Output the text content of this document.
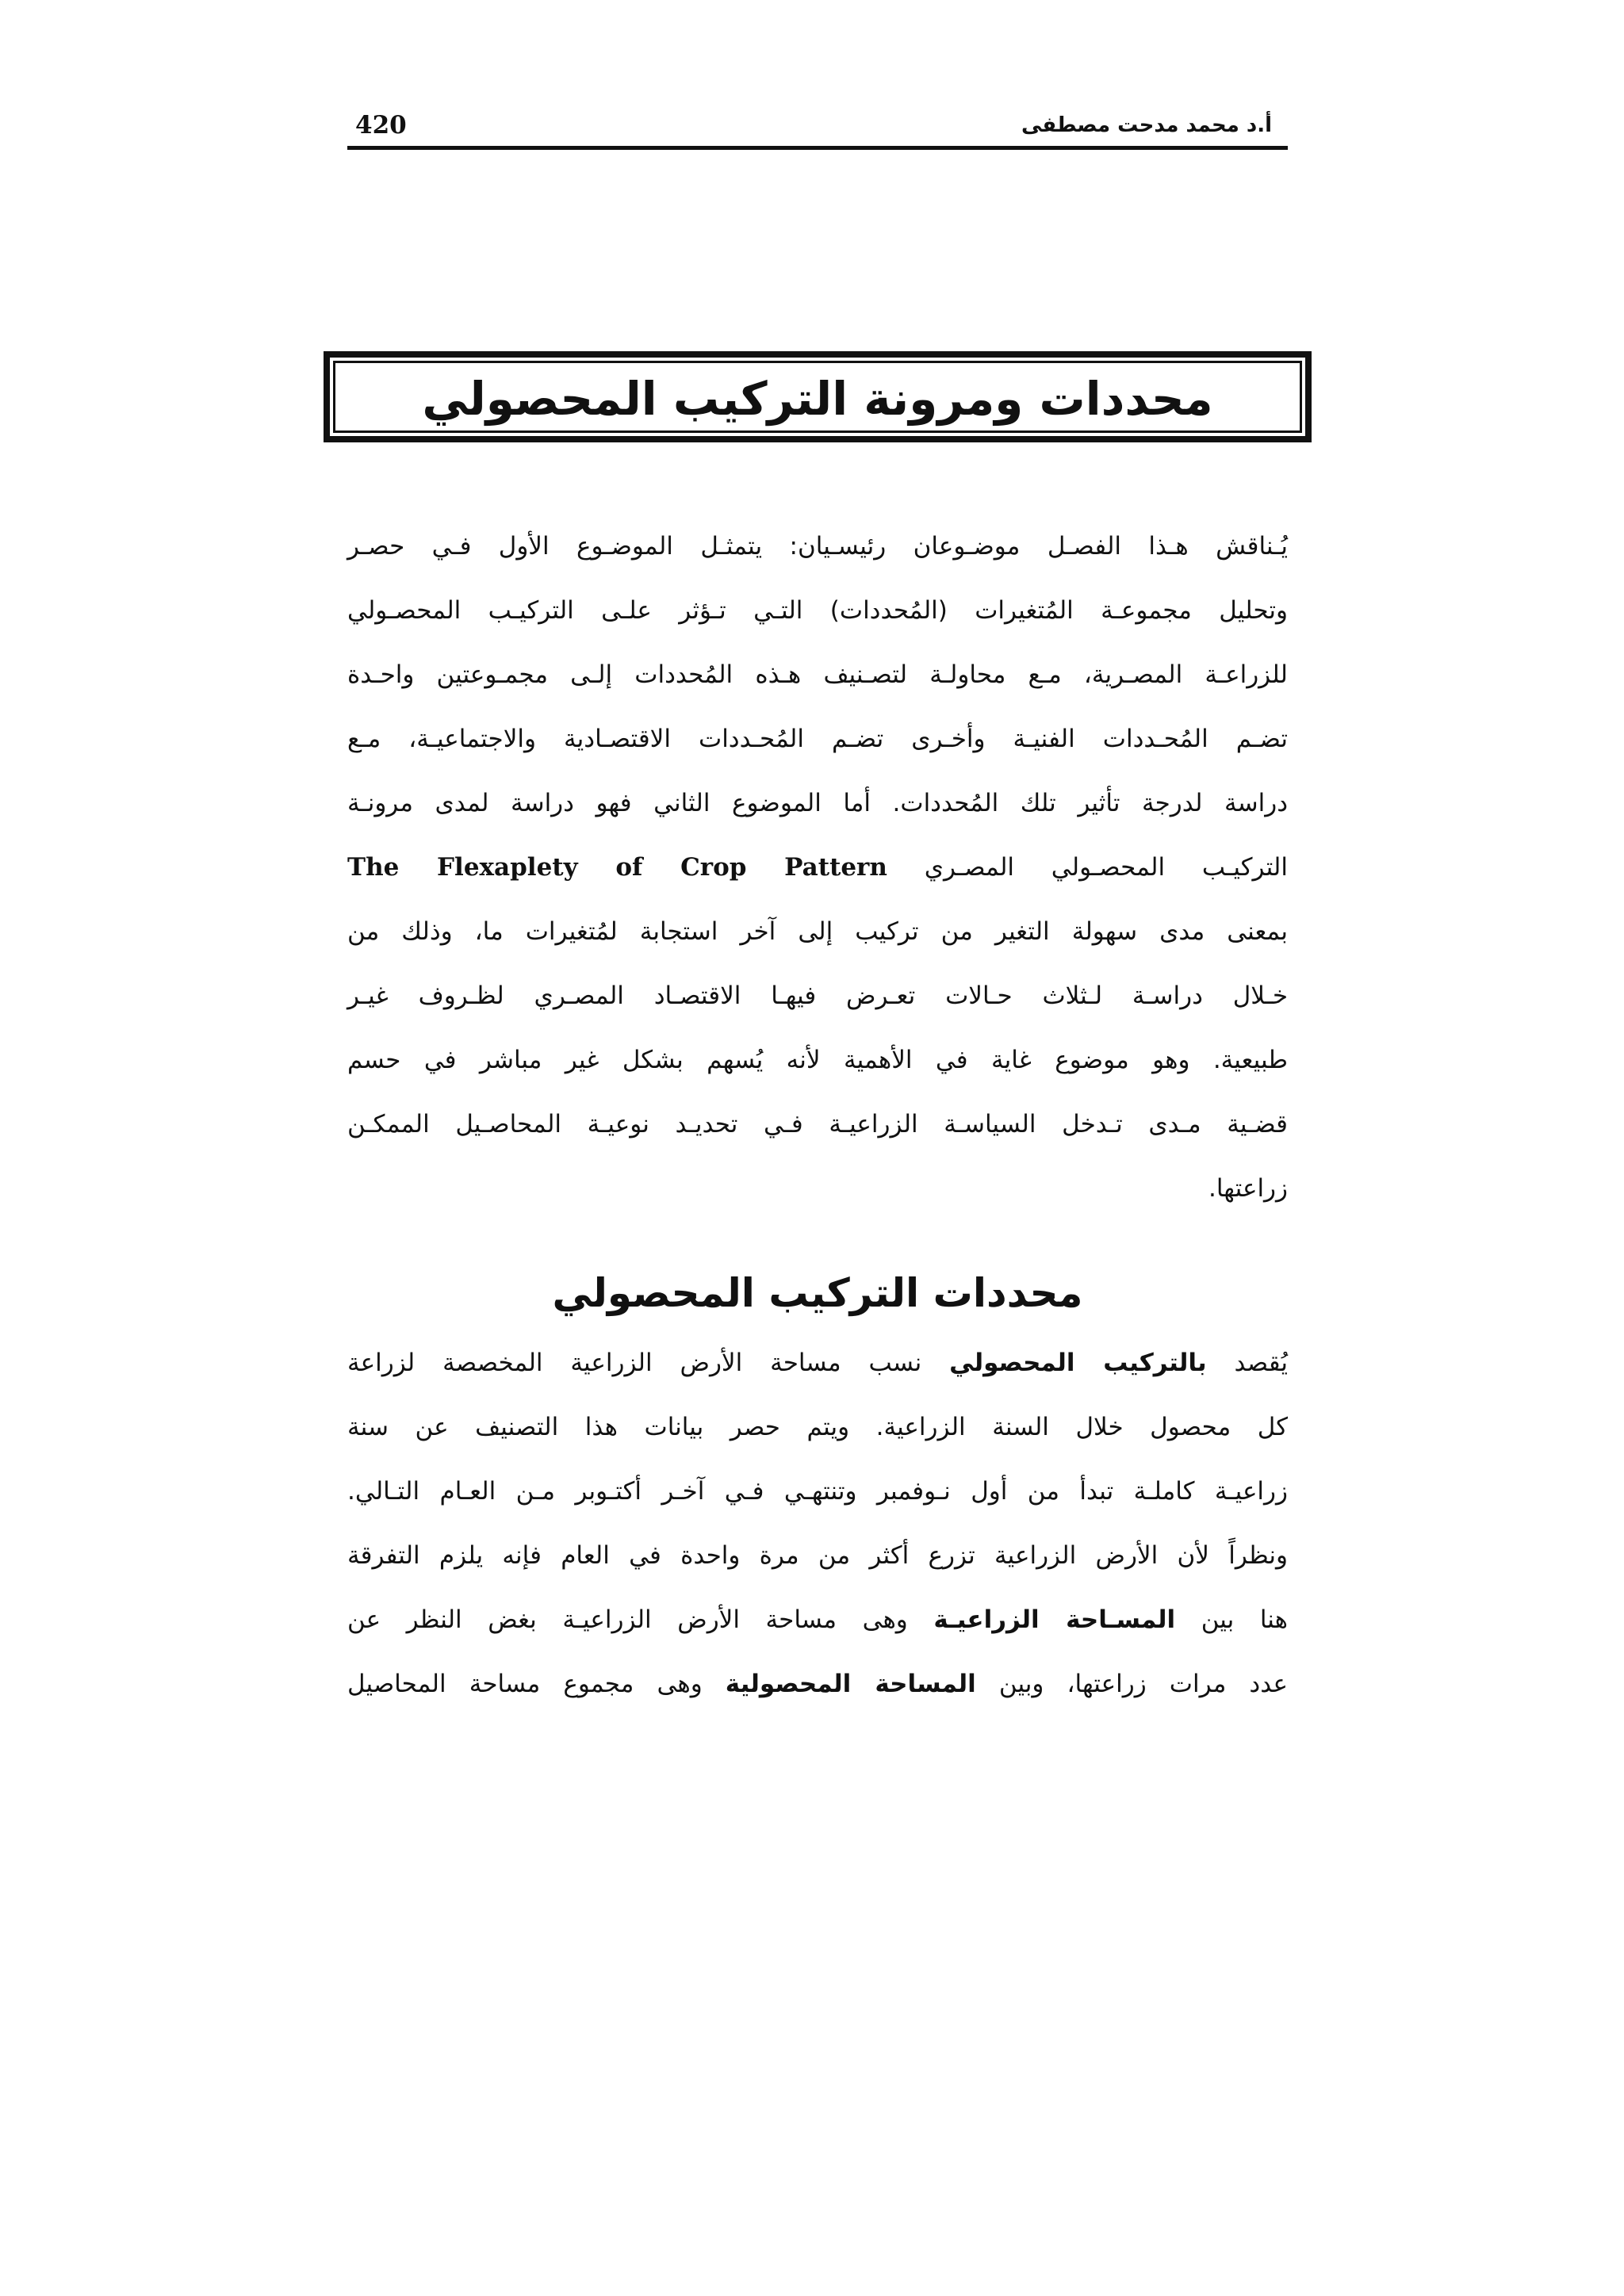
420	أ.د محمد مدحت مصطفى
محددات ومرونة التركيب المحصولي
يُـناقش هـذا الفصـل موضـوعان رئيسـيان: يتمثـل الموضـوع الأول فـي حصـر
وتحليل مجموعـة المُتغيرات (المُحددات) التـي تـؤثر علـى التركيـب المحصـولي
للزراعـة المصـرية، مـع محاولـة لتصـنيف هـذه المُحددات إلـى مجمـوعتين واحـدة
تضـم المُحـددات الفنيـة وأخـرى تضـم المُحـددات الاقتصـادية والاجتماعيـة، مـع
دراسة لدرجة تأثير تلك المُحددات. أما الموضوع الثاني فهو دراسة لمدى مرونـة
التركيـب المحصـولي المصـري The Flexaplety of Crop Pattern
بمعنى مدى سهولة التغير من تركيب إلى آخر استجابة لمُتغيرات ما، وذلك من
خـلال دراسـة لـثلاث حـالات تعـرض فيهـا الاقتصـاد المصـري لظـروف غيـر
طبيعية. وهو موضوع غاية في الأهمية لأنه يُسهم بشكل غير مباشر في حسم
قضـية مـدى تـدخل السياسـة الزراعيـة فـي تحديـد نوعيـة المحاصـيل الممكـن
زراعتها.
محددات التركيب المحصولي
يُقصد بالتركيب المحصولي نسب مساحة الأرض الزراعية المخصصة لزراعة
كل محصول خلال السنة الزراعية. ويتم حصر بيانات هذا التصنيف عن سنة
زراعيـة كاملـة تبدأ من أول نـوفمبر وتنتهـي فـي آخـر أكتـوبر مـن العـام التـالي.
ونظراً لأن الأرض الزراعية تزرع أكثر من مرة واحدة في العام فإنه يلزم التفرقة
هنا بين المسـاحة الزراعيـة وهى مساحة الأرض الزراعيـة بغض النظر عن
عدد مرات زراعتها، وبين المساحة المحصولية وهى مجموع مساحة المحاصيل
